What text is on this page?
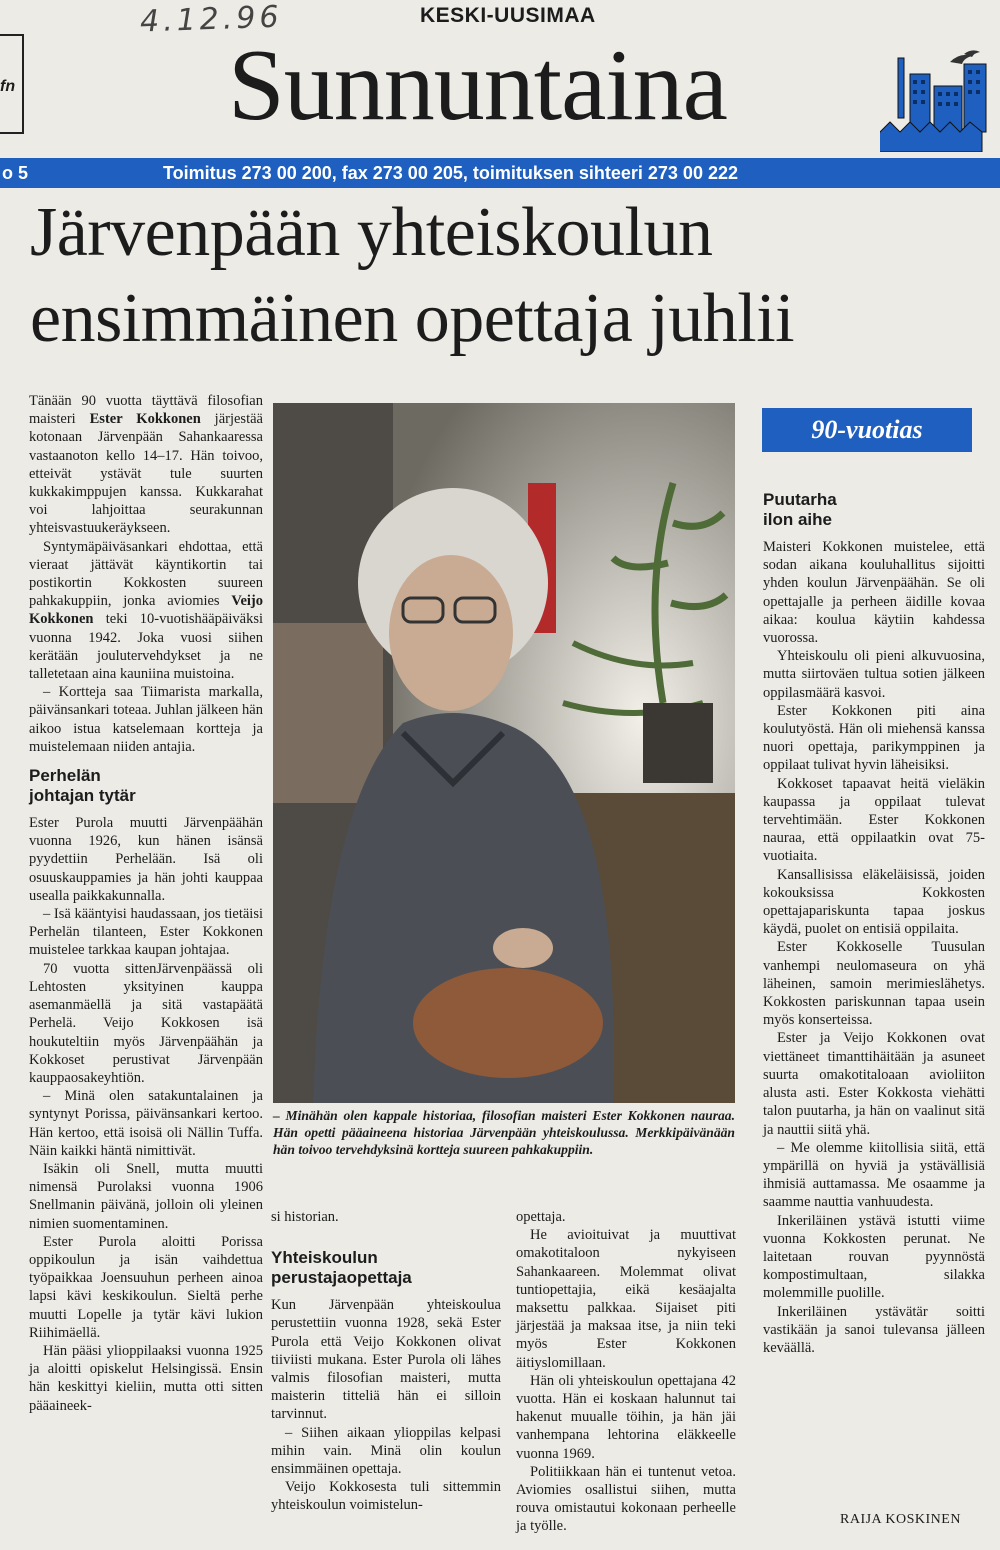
4.12.96	KESKI-UUSIMAA
Sunnuntaina
fn
o 5	Toimitus 273 00 200, fax 273 00 205, toimituksen sihteeri 273 00 222
Järvenpään yhteiskoulun
ensimmäinen opettaja juhlii

Tänään 90 vuotta täyttävä filosofian maisteri Ester Kokkonen järjestää kotonaan Järvenpään Sahankaaressa vastaanoton kello 14–17. Hän toivoo, etteivät ystävät tule suurten kukkakimppujen kanssa. Kukkarahat voi lahjoittaa seurakunnan yhteisvastuukeräykseen.

Syntymäpäiväsankari ehdottaa, että vieraat jättävät käyntikortin tai postikortin Kokkosten suureen pahkakuppiin, jonka aviomies Veijo Kokkonen teki 10-vuotishääpäiväksi vuonna 1942. Joka vuosi siihen kerätään joulutervehdykset ja ne talletetaan aina kauniina muistoina.

– Kortteja saa Tiimarista markalla, päivänsankari toteaa. Juhlan jälkeen hän aikoo istua katselemaan kortteja ja muistelemaan niiden antajia.

Perhelän
johtajan tytär

Ester Purola muutti Järvenpäähän vuonna 1926, kun hänen isänsä pyydettiin Perhelään. Isä oli osuuskauppamies ja hän johti kauppaa usealla paikkakunnalla.

– Isä kääntyisi haudassaan, jos tietäisi Perhelän tilanteen, Ester Kokkonen muistelee tarkkaa kaupan johtajaa.

70 vuotta sittenJärvenpäässä oli Lehtosten yksityinen kauppa asemanmäellä ja sitä vastapäätä Perhelä. Veijo Kokkosen isä houkuteltiin myös Järvenpäähän ja Kokkoset perustivat Järvenpään kauppaosakeyhtiön.

– Minä olen satakuntalainen ja syntynyt Porissa, päivänsankari kertoo. Hän kertoo, että isoisä oli Nällin Tuffa. Näin kaikki häntä nimittivät.

Isäkin oli Snell, mutta muutti nimensä Purolaksi vuonna 1906 Snellmanin päivänä, jolloin oli yleinen nimien suomentaminen.

Ester Purola aloitti Porissa oppikoulun ja isän vaihdettua työpaikkaa Joensuuhun perheen ainoa lapsi kävi keskikoulun. Sieltä perhe muutti Lopelle ja tytär kävi lukion Riihimäellä.

Hän pääsi ylioppilaaksi vuonna 1925 ja aloitti opiskelut Helsingissä. Ensin hän keskittyi kieliin, mutta otti sitten pääaineek-

– Minähän olen kappale historiaa, filosofian maisteri Ester Kokkonen nauraa. Hän opetti pääaineena historiaa Järvenpään yhteiskoulussa. Merkkipäivänään hän toivoo tervehdyksinä kortteja suureen pahkakuppiin.

si historian.

Yhteiskoulun
perustajaopettaja

Kun Järvenpään yhteiskoulua perustettiin vuonna 1928, sekä Ester Purola että Veijo Kokkonen olivat tiiviisti mukana. Ester Purola oli lähes valmis filosofian maisteri, mutta maisterin titteliä hän ei silloin tarvinnut.

– Siihen aikaan ylioppilas kelpasi mihin vain. Minä olin koulun ensimmäinen opettaja.

Veijo Kokkosesta tuli sittemmin yhteiskoulun voimistelun-

opettaja.

He avioituivat ja muuttivat omakotitaloon nykyiseen Sahankaareen. Molemmat olivat tuntiopettajia, eikä kesäajalta maksettu palkkaa. Sijaiset piti järjestää ja maksaa itse, ja niin teki myös Ester Kokkonen äitiyslomillaan.

Hän oli yhteiskoulun opettajana 42 vuotta. Hän ei koskaan halunnut tai hakenut muualle töihin, ja hän jäi vanhempana lehtorina eläkkeelle vuonna 1969.

Politiikkaan hän ei tuntenut vetoa. Aviomies osallistui siihen, mutta rouva omistautui kokonaan perheelle ja työlle.

90-vuotias
Puutarha
ilon aihe

Maisteri Kokkonen muistelee, että sodan aikana kouluhallitus sijoitti yhden koulun Järvenpäähän. Se oli opettajalle ja perheen äidille kovaa aikaa: koulua käytiin kahdessa vuorossa.

Yhteiskoulu oli pieni alkuvuosina, mutta siirtoväen tultua sotien jälkeen oppilasmäärä kasvoi.

Ester Kokkonen piti aina koulutyöstä. Hän oli miehensä kanssa nuori opettaja, parikymppinen ja oppilaat tulivat hyvin läheisiksi.

Kokkoset tapaavat heitä vieläkin kaupassa ja oppilaat tulevat tervehtimään. Ester Kokkonen nauraa, että oppilaatkin ovat 75-vuotiaita.

Kansallisissa eläkeläisissä, joiden kokouksissa Kokkosten opettajapariskunta tapaa joskus käydä, puolet on entisiä oppilaita.

Ester Kokkoselle Tuusulan vanhempi neulomaseura on yhä läheinen, samoin merimieslähetys. Kokkosten pariskunnan tapaa usein myös konserteissa.

Ester ja Veijo Kokkonen ovat viettäneet timanttihäitään ja asuneet suurta omakotitaloaan avioliiton alusta asti. Ester Kokkosta viehätti talon puutarha, ja hän on vaalinut sitä ja nauttii siitä yhä.

– Me olemme kiitollisia siitä, että ympärillä on hyviä ja ystävällisiä ihmisiä auttamassa. Me osaamme ja saamme nauttia vanhuudesta.

Inkeriläinen ystävä istutti viime vuonna Kokkosten perunat. Ne laitetaan rouvan pyynnöstä kompostimultaan, silakka molemmille puolille.

Inkeriläinen ystävätär soitti vastikään ja sanoi tulevansa jälleen keväällä.

RAIJA KOSKINEN
